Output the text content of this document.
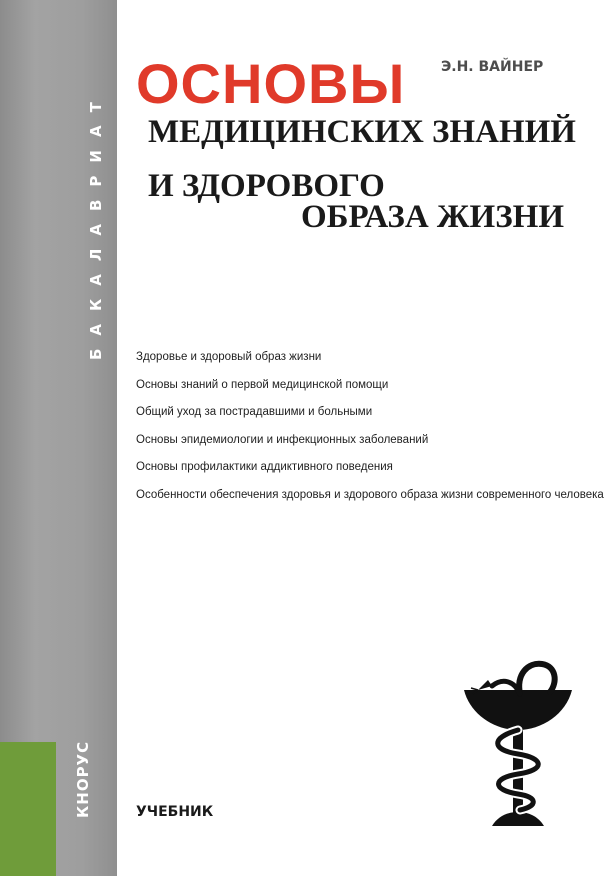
БАКАЛАВРИАТ
КНОРУС
Э.Н. ВАЙНЕР
ОСНОВЫ
МЕДИЦИНСКИХ ЗНАНИЙ
И ЗДОРОВОГО
ОБРАЗА ЖИЗНИ
Здоровье и здоровый образ жизни
Основы знаний о первой медицинской помощи
Общий уход за пострадавшими и больными
Основы эпидемиологии и инфекционных заболеваний
Основы профилактики аддиктивного поведения
Особенности обеспечения здоровья и здорового образа жизни современного человека
УЧЕБНИК
